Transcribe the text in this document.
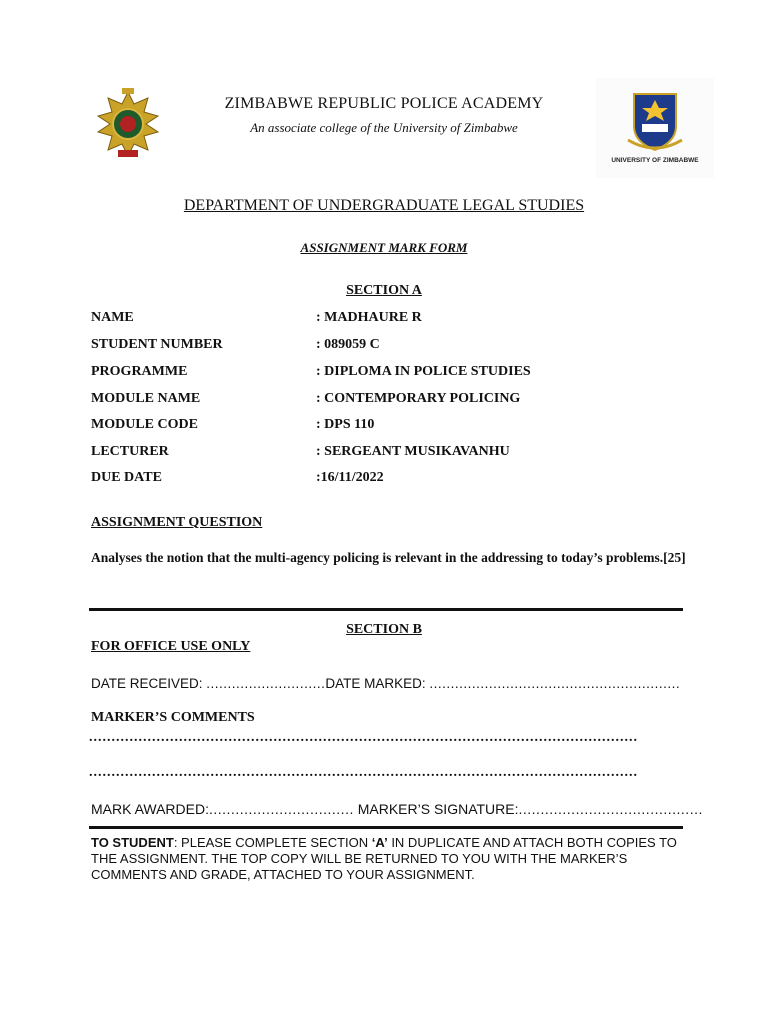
UNIVERSITY OF ZIMBABWE
ZIMBABWE REPUBLIC POLICE ACADEMY
An associate college of the University of Zimbabwe
DEPARTMENT OF UNDERGRADUATE LEGAL STUDIES
ASSIGNMENT MARK FORM
SECTION A
NAME	: MADHAURE R
STUDENT NUMBER	: 089059 C
PROGRAMME	: DIPLOMA IN POLICE STUDIES
MODULE NAME	: CONTEMPORARY POLICING
MODULE CODE	: DPS 110
LECTURER	: SERGEANT MUSIKAVANHU
DUE DATE	:16/11/2022
ASSIGNMENT QUESTION
Analyses the notion that the multi-agency policing is relevant in the addressing to today’s problems.[25]
SECTION B
FOR OFFICE USE ONLY
DATE RECEIVED: ............................DATE MARKED: ...........................................................
MARKER’S COMMENTS
..........................................................................................................................
..........................................................................................................................
MARK AWARDED:................................. MARKER’S SIGNATURE:..........................................
TO STUDENT: PLEASE COMPLETE SECTION ‘A’ IN DUPLICATE AND ATTACH BOTH COPIES TO THE ASSIGNMENT. THE TOP COPY WILL BE RETURNED TO YOU WITH THE MARKER’S COMMENTS AND GRADE, ATTACHED TO YOUR ASSIGNMENT.
